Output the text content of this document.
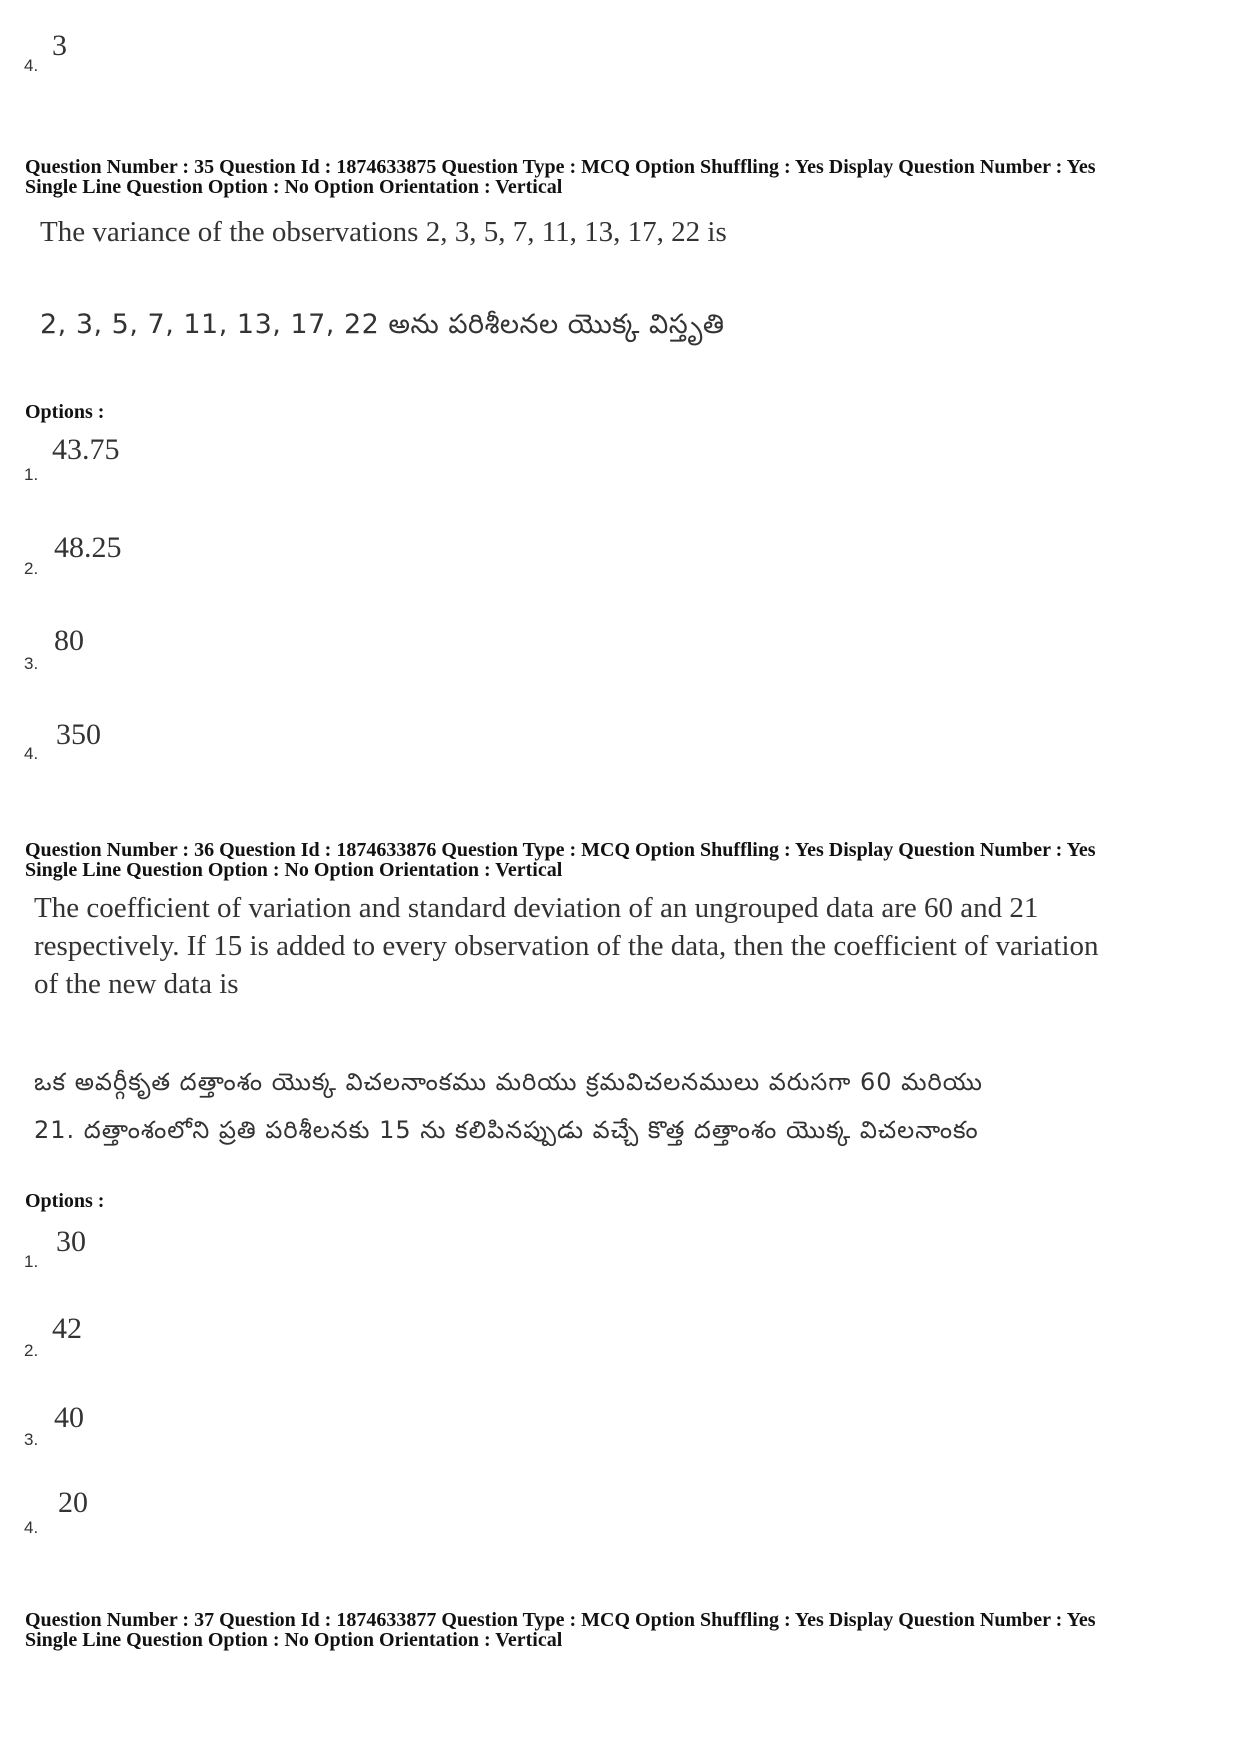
4.
3
Question Number : 35 Question Id : 1874633875 Question Type : MCQ Option Shuffling : Yes Display Question Number : Yes
Single Line Question Option : No Option Orientation : Vertical
The variance of the observations 2, 3, 5, 7, 11, 13, 17, 22 is
2, 3, 5, 7, 11, 13, 17, 22 అను పరిశీలనల యొక్క విస్తృతి
Options :
1.
43.75
2.
48.25
3.
80
4.
350
Question Number : 36 Question Id : 1874633876 Question Type : MCQ Option Shuffling : Yes Display Question Number : Yes
Single Line Question Option : No Option Orientation : Vertical
The coefficient of variation and standard deviation of an ungrouped data are 60 and 21
respectively. If 15 is added to every observation of the data, then the coefficient of variation
of the new data is
ఒక అవర్గీకృత దత్తాంశం యొక్క విచలనాంకము మరియు క్రమవిచలనములు వరుసగా 60 మరియు
21. దత్తాంశంలోని ప్రతి పరిశీలనకు 15 ను కలిపినప్పుడు వచ్చే కొత్త దత్తాంశం యొక్క విచలనాంకం
Options :
1.
30
2.
42
3.
40
4.
20
Question Number : 37 Question Id : 1874633877 Question Type : MCQ Option Shuffling : Yes Display Question Number : Yes
Single Line Question Option : No Option Orientation : Vertical
